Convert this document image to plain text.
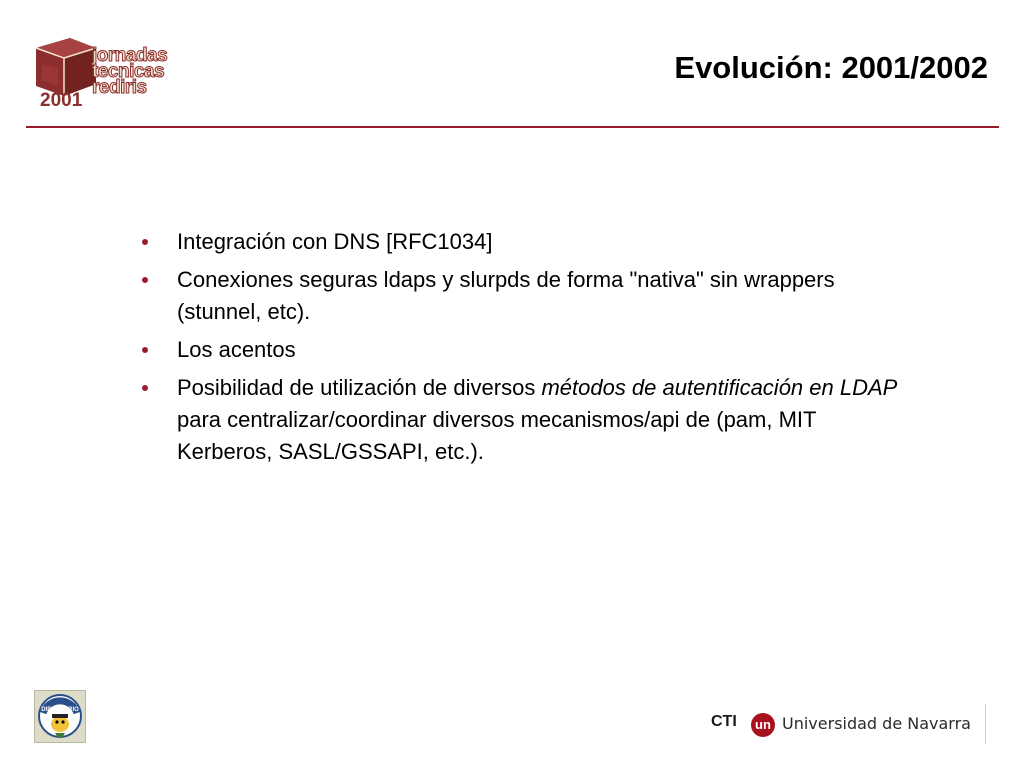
jornadas
tecnicas
rediris
2001
Evolución: 2001/2002
Integración con DNS [RFC1034]
Conexiones seguras ldaps y slurpds de forma "nativa" sin wrappers (stunnel, etc).
Los acentos
Posibilidad de utilización de diversos métodos de autentificación en LDAP para centralizar/coordinar diversos mecanismos/api de (pam, MIT Kerberos, SASL/GSSAPI, etc.).
DIRECTORIO
CTI	un Universidad de Navarra
